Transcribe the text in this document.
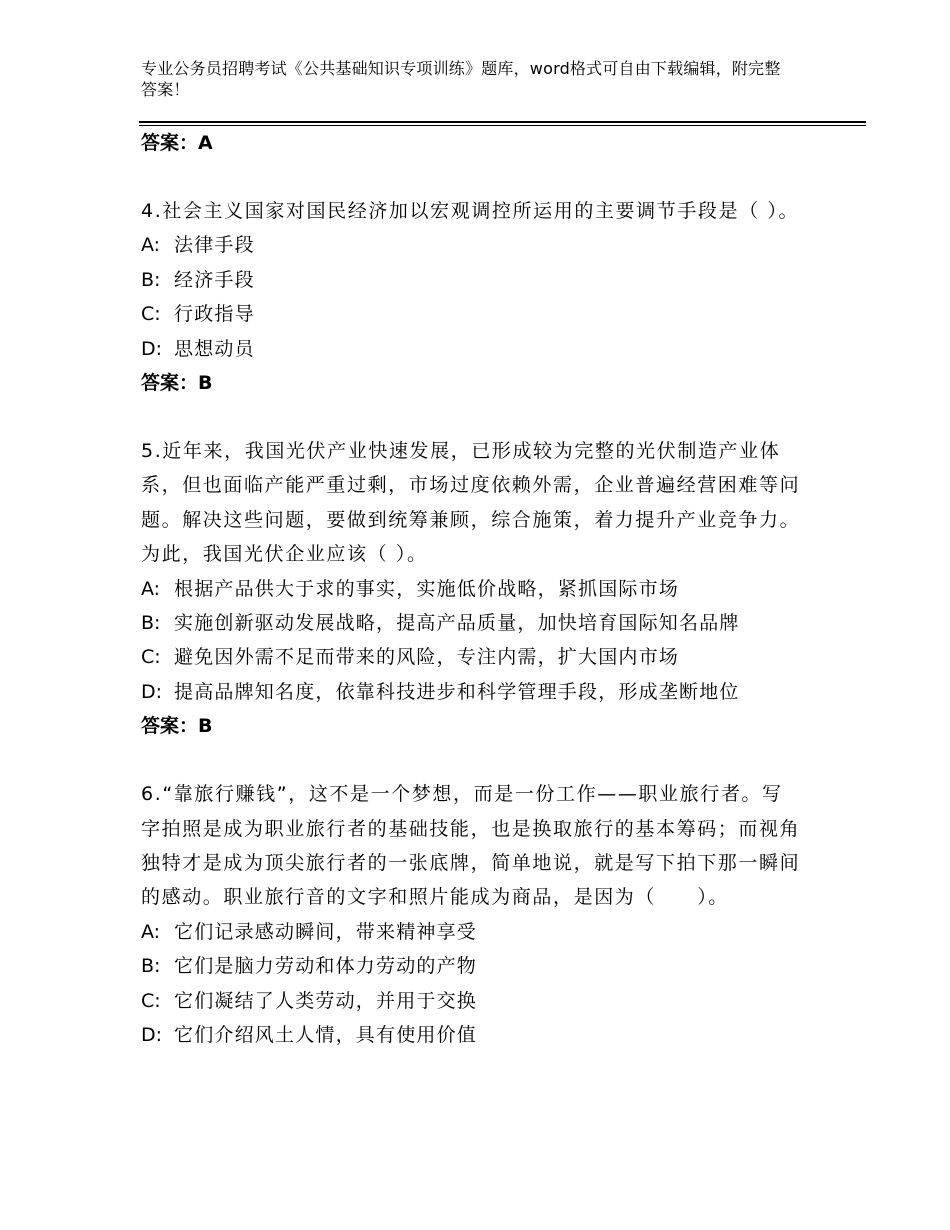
专业公务员招聘考试《公共基础知识专项训练》题库，word格式可自由下载编辑，附完整答案！
答案：A
4.社会主义国家对国民经济加以宏观调控所运用的主要调节手段是（ ）。
A: 法律手段
B: 经济手段
C: 行政指导
D: 思想动员
答案：B
5.近年来，我国光伏产业快速发展，已形成较为完整的光伏制造产业体系，但也面临产能严重过剩，市场过度依赖外需，企业普遍经营困难等问题。解决这些问题，要做到统筹兼顾，综合施策，着力提升产业竞争力。为此，我国光伏企业应该（ ）。
A: 根据产品供大于求的事实，实施低价战略，紧抓国际市场
B: 实施创新驱动发展战略，提高产品质量，加快培育国际知名品牌
C: 避免因外需不足而带来的风险，专注内需，扩大国内市场
D: 提高品牌知名度，依靠科技进步和科学管理手段，形成垄断地位
答案：B
6.“靠旅行赚钱”，这不是一个梦想，而是一份工作——职业旅行者。写字拍照是成为职业旅行者的基础技能，也是换取旅行的基本筹码；而视角独特才是成为顶尖旅行者的一张底牌，简单地说，就是写下拍下那一瞬间的感动。职业旅行音的文字和照片能成为商品，是因为（　　）。
A: 它们记录感动瞬间，带来精神享受
B: 它们是脑力劳动和体力劳动的产物
C: 它们凝结了人类劳动，并用于交换
D: 它们介绍风土人情，具有使用价值
